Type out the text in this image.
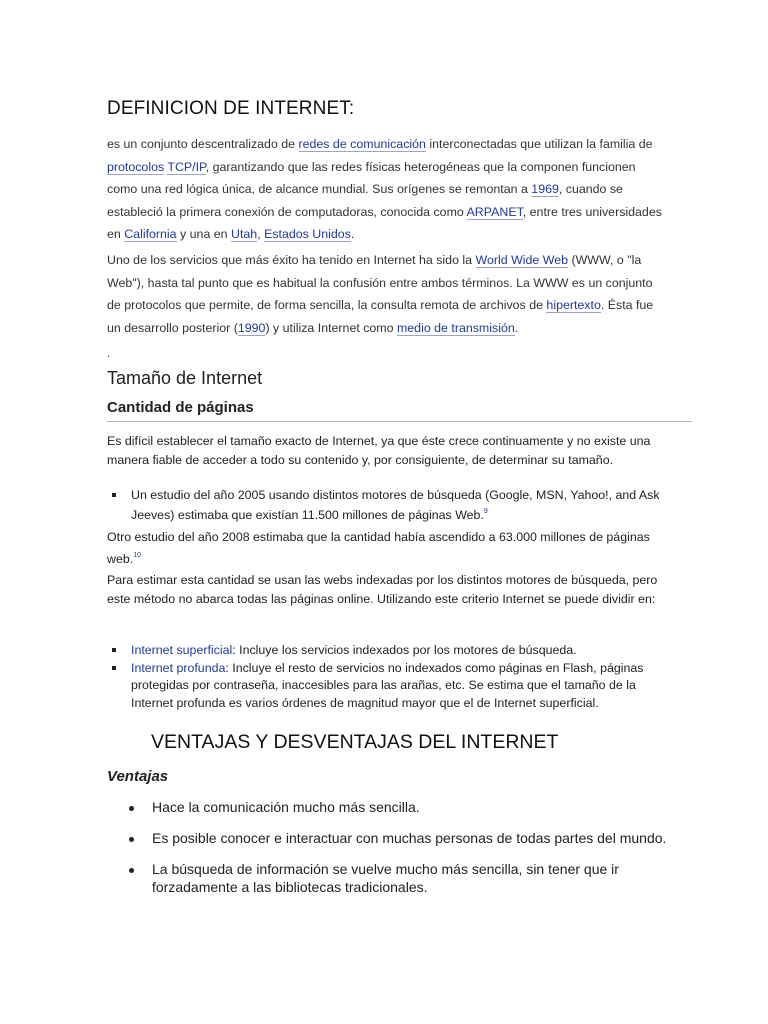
DEFINICION DE INTERNET:

es un conjunto descentralizado de redes de comunicación interconectadas que utilizan la familia de protocolos TCP/IP, garantizando que las redes físicas heterogéneas que la componen funcionen como una red lógica única, de alcance mundial. Sus orígenes se remontan a 1969, cuando se estableció la primera conexión de computadoras, conocida como ARPANET, entre tres universidades en California y una en Utah, Estados Unidos.

Uno de los servicios que más éxito ha tenido en Internet ha sido la World Wide Web (WWW, o "la Web"), hasta tal punto que es habitual la confusión entre ambos términos. La WWW es un conjunto de protocolos que permite, de forma sencilla, la consulta remota de archivos de hipertexto. Ésta fue un desarrollo posterior (1990) y utiliza Internet como medio de transmisión.

.
Tamaño de Internet
Cantidad de páginas

Es difícil establecer el tamaño exacto de Internet, ya que éste crece continuamente y no existe una manera fiable de acceder a todo su contenido y, por consiguiente, de determinar su tamaño.

Un estudio del año 2005 usando distintos motores de búsqueda (Google, MSN, Yahoo!, and Ask Jeeves) estimaba que existían 11.500 millones de páginas Web.$^9$

Otro estudio del año 2008 estimaba que la cantidad había ascendido a 63.000 millones de páginas web.$^{10}$

Para estimar esta cantidad se usan las webs indexadas por los distintos motores de búsqueda, pero este método no abarca todas las páginas online. Utilizando este criterio Internet se puede dividir en:

Internet superficial: Incluye los servicios indexados por los motores de búsqueda.
Internet profunda: Incluye el resto de servicios no indexados como páginas en Flash, páginas protegidas por contraseña, inaccesibles para las arañas, etc. Se estima que el tamaño de la Internet profunda es varios órdenes de magnitud mayor que el de Internet superficial.
VENTAJAS Y DESVENTAJAS DEL INTERNET
Ventajas
Hace la comunicación mucho más sencilla.
Es posible conocer e interactuar con muchas personas de todas partes del mundo.
La búsqueda de información se vuelve mucho más sencilla, sin tener que ir forzadamente a las bibliotecas tradicionales.
